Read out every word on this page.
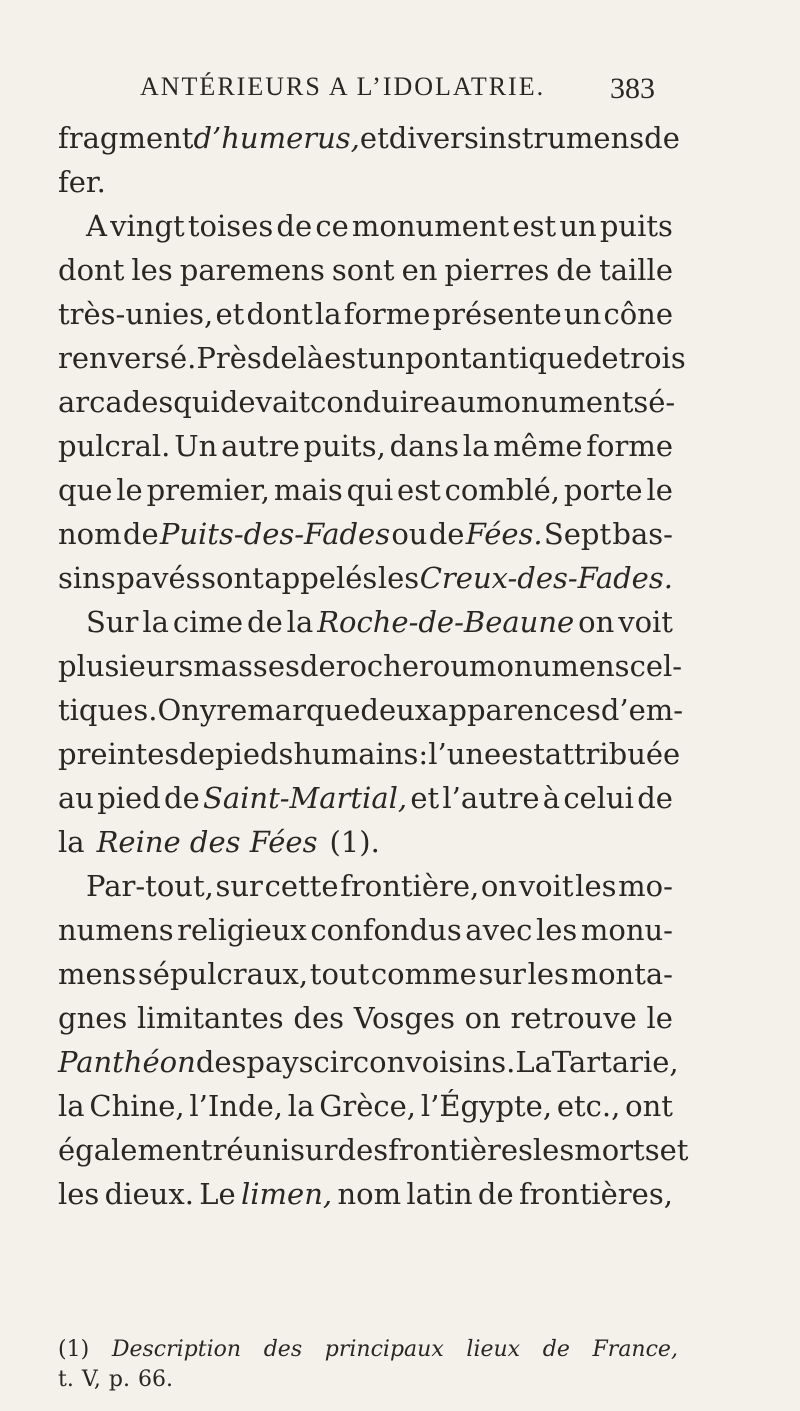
ANTÉRIEURS A L’IDOLATRIE. 383
fragment d’humerus, et divers instrumens de
fer.
A vingt toises de ce monument est un puits
dont les paremens sont en pierres de taille
très-unies, et dont la forme présente un cône
renversé. Près de là est un pont antique de trois
arcades qui devait conduire au monument sé-
pulcral. Un autre puits, dans la même forme
que le premier, mais qui est comblé, porte le
nom de Puits-des-Fades ou de Fées. Sept bas-
sins pavés sont appelés les Creux-des-Fades.
Sur la cime de la Roche-de-Beaune on voit
plusieurs masses de rocher ou monumens cel-
tiques. On y remarque deux apparences d’em-
preintes de pieds humains : l’une est attribuée
au pied de Saint-Martial, et l’autre à celui de
la Reine des Fées (1).
Par-tout, sur cette frontière, on voit les mo-
numens religieux confondus avec les monu-
mens sépulcraux, tout comme sur les monta-
gnes limitantes des Vosges on retrouve le
Panthéon des pays circonvoisins. La Tartarie,
la Chine, l’Inde, la Grèce, l’Égypte, etc., ont
également réuni sur des frontières les morts et
les dieux. Le limen, nom latin de frontières,
(1) Description des principaux lieux de France,
t. V, p. 66.
